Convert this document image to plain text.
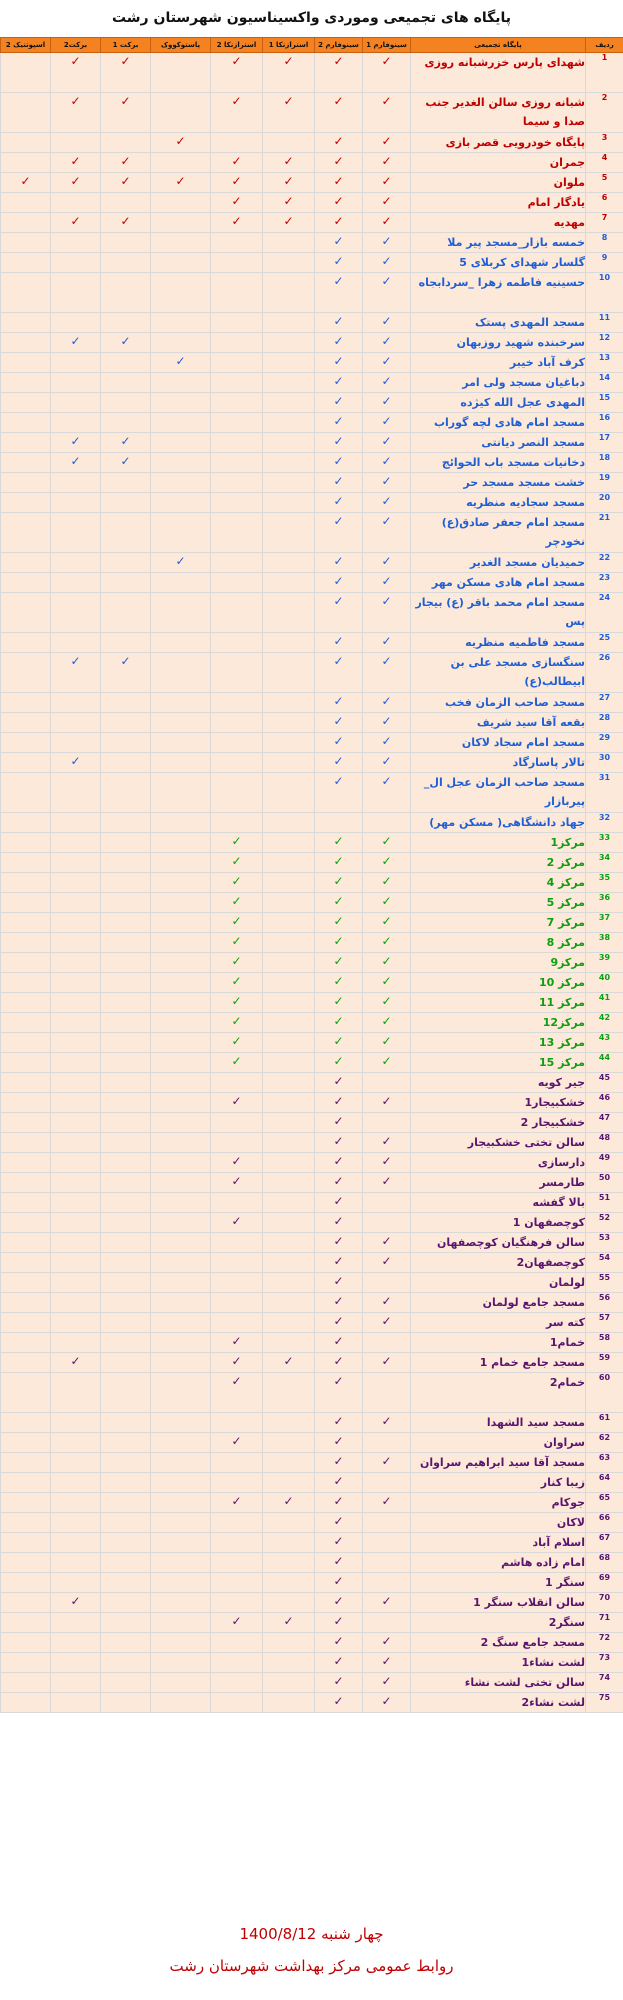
پایگاه های تجمیعی وموردی واکسیناسیون شهرستان رشت
ردیف	پایگاه تجمیعی	سینوفارم 1	سینوفارم 2	استرازنکا 1	استرازنکا 2	پاستوکووک	برکت 1	برکت2	اسپوتنیک 2
1	شهدای پارس خزرشبانه روزی	✓	✓	✓	✓		✓	✓	
2	شبانه روزی سالن الغدیر جنب صدا و سیما	✓	✓	✓	✓		✓	✓	
3	پایگاه خودرویی قصر بازی	✓	✓			✓			
4	جمران	✓	✓	✓	✓		✓	✓	
5	ملوان	✓	✓	✓	✓	✓	✓	✓	✓
6	یادگار امام	✓	✓	✓	✓				
7	مهدیه	✓	✓	✓	✓		✓	✓	
8	خمسه بازار_مسجد پیر ملا	✓	✓						
9	گلسار شهدای کربلای 5	✓	✓						
10	حسینیه فاطمه زهرا _سردابجاه	✓	✓						
11	مسجد المهدی پستک	✓	✓						
12	سرخبنده شهید روزبهان	✓	✓				✓	✓	
13	کرف آباد خیبر	✓	✓			✓			
14	دباغیان مسجد ولی امر	✓	✓						
15	المهدی عجل الله کیژده	✓	✓						
16	مسجد امام هادی لچه گوراب	✓	✓						
17	مسجد النصر دیانتی	✓	✓				✓	✓	
18	دخانیات مسجد باب الحوائج	✓	✓				✓	✓	
19	خشت مسجد مسجد حر	✓	✓						
20	مسجد سجادیه منظریه	✓	✓						
21	مسجد امام جعفر صادق(ع) نخودچر	✓	✓						
22	حمیدیان مسجد الغدیر	✓	✓			✓			
23	مسجد امام هادی مسکن مهر	✓	✓						
24	مسجد امام محمد باقر (ع) بیجار پس	✓	✓						
25	مسجد فاطمیه منظریه	✓	✓						
26	سنگسازی مسجد علی بن ابیطالب(ع)	✓	✓				✓	✓	
27	مسجد صاحب الزمان فخب	✓	✓						
28	بقعه آقا سید شریف	✓	✓						
29	مسجد امام سجاد لاکان	✓	✓						
30	تالار پاسارگاد	✓	✓					✓	
31	مسجد صاحب الزمان عجل ال_ پیربازار	✓	✓						
32	جهاد دانشگاهی( مسکن مهر)								
33	مرکز1	✓	✓		✓				
34	مرکز 2	✓	✓		✓				
35	مرکز 4	✓	✓		✓				
36	مرکز 5	✓	✓		✓				
37	مرکز 7	✓	✓		✓				
38	مرکز 8	✓	✓		✓				
39	مرکز9	✓	✓		✓				
40	مرکز 10	✓	✓		✓				
41	مرکز 11	✓	✓		✓				
42	مرکز12	✓	✓		✓				
43	مرکز 13	✓	✓		✓				
44	مرکز 15	✓	✓		✓				
45	جیر کویه		✓						
46	خشکبیجار1	✓	✓		✓				
47	خشکبیجار 2		✓						
48	سالن تختی خشکبیجار	✓	✓						
49	دارسازی	✓	✓		✓				
50	طارمسر	✓	✓		✓				
51	بالا گفشه		✓						
52	کوچصفهان 1		✓		✓				
53	سالن فرهنگیان کوچصفهان	✓	✓						
54	کوچصفهان2	✓	✓						
55	لولمان		✓						
56	مسجد جامع لولمان	✓	✓						
57	کته سر	✓	✓						
58	خمام1		✓		✓				
59	مسجد جامع خمام 1	✓	✓	✓	✓			✓	
60	خمام2		✓		✓				
61	مسجد سید الشهدا	✓	✓						
62	سراوان		✓		✓				
63	مسجد آقا سید ابراهیم سراوان	✓	✓						
64	زیبا کنار		✓						
65	جوکام	✓	✓	✓	✓				
66	لاکان		✓						
67	اسلام آباد		✓						
68	امام زاده هاشم		✓						
69	سنگر 1		✓						
70	سالن انقلاب سنگر 1	✓	✓					✓	
71	سنگر2		✓	✓	✓				
72	مسجد جامع سنگ 2	✓	✓						
73	لشت نشاء1	✓	✓						
74	سالن تختی لشت نشاء	✓	✓						
75	لشت نشاء2	✓	✓						
چهار شنبه 1400/8/12
روابط عمومی مرکز بهداشت شهرستان رشت
